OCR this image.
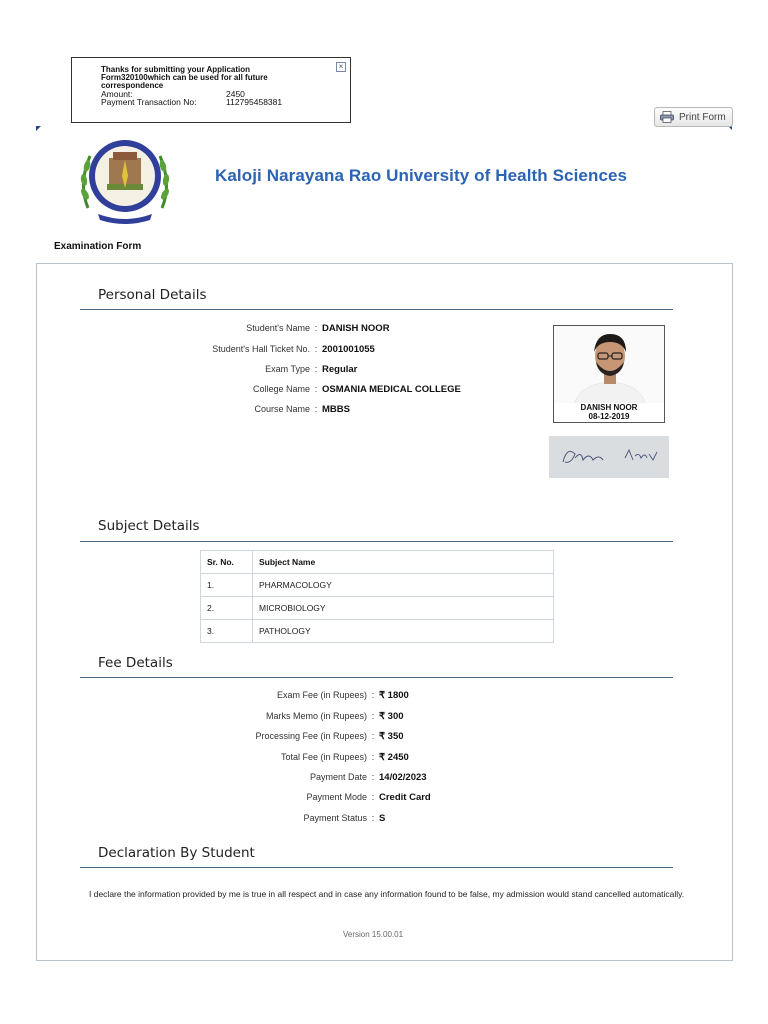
Thanks for submitting your Application
Form320100which can be used for all future
correspondence
Amount:	2450
Payment Transaction No:	112795458381
×
Print Form
Kaloji Narayana Rao University of Health Sciences
Examination Form
Personal Details
Student's Name : DANISH NOOR
Student's Hall Ticket No. : 2001001055
Exam Type : Regular
College Name : OSMANIA MEDICAL COLLEGE
Course Name : MBBS	DANISH NOOR
08-12-2019
Subject Details
Sr. No.	Subject Name
1.	PHARMACOLOGY
2.	MICROBIOLOGY
3.	PATHOLOGY
Fee Details
Exam Fee (in Rupees) : ₹ 1800
Marks Memo (in Rupees) : ₹ 300
Processing Fee (in Rupees) : ₹ 350
Total Fee (in Rupees) : ₹ 2450
Payment Date : 14/02/2023
Payment Mode : Credit Card
Payment Status : S
Declaration By Student
I declare the information provided by me is true in all respect and in case any information found to be false, my admission would stand cancelled automatically.
Version 15.00.01
